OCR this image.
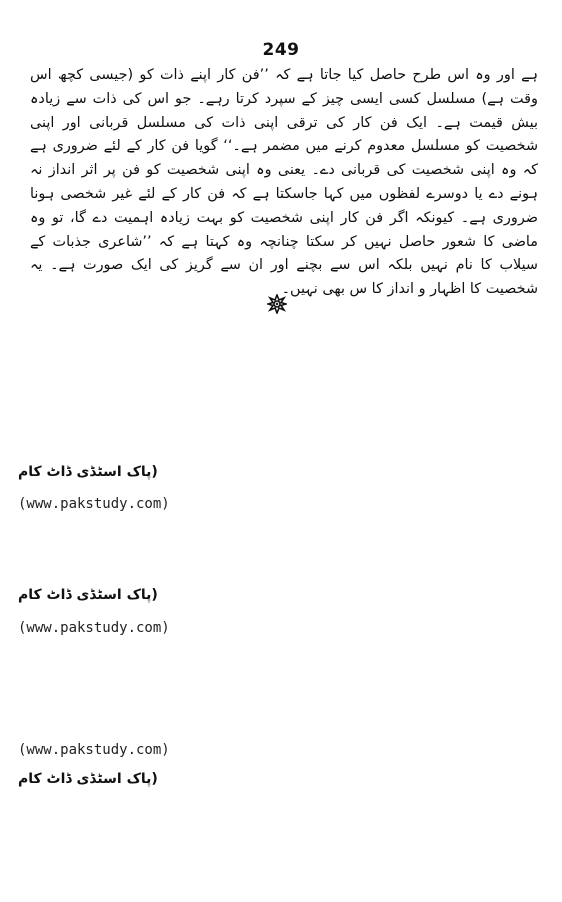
249

ہے اور وہ اس طرح حاصل کیا جاتا ہے کہ ’’فن کار اپنے ذات کو (جیسی کچھ اس وقت ہے) مسلسل کسی ایسی چیز کے سپرد کرتا رہے۔ جو اس کی ذات سے زیادہ بیش قیمت ہے۔ ایک فن کار کی ترقی اپنی ذات کی مسلسل قربانی اور اپنی شخصیت کو مسلسل معدوم کرنے میں مضمر ہے۔‘‘ گویا فن کار کے لئے ضروری ہے کہ وہ اپنی شخصیت کی قربانی دے۔ یعنی وہ اپنی شخصیت کو فن پر اثر انداز نہ ہونے دے یا دوسرے لفظوں میں کہا جاسکتا ہے کہ فن کار کے لئے غیر شخصی ہونا ضروری ہے۔ کیونکہ اگر فن کار اپنی شخصیت کو بہت زیادہ اہمیت دے گا، تو وہ ماضی کا شعور حاصل نہیں کر سکتا چنانچہ وہ کہتا ہے کہ ’’شاعری جذبات کے سیلاب کا نام نہیں بلکہ اس سے بچنے اور ان سے گریز کی ایک صورت ہے۔ یہ شخصیت کا اظہار و انداز کا س بھی نہیں۔

(پاک اسٹڈی ڈاٹ کام
(www.pakstudy.com)
(پاک اسٹڈی ڈاٹ کام
(www.pakstudy.com)
(www.pakstudy.com)
(پاک اسٹڈی ڈاٹ کام
